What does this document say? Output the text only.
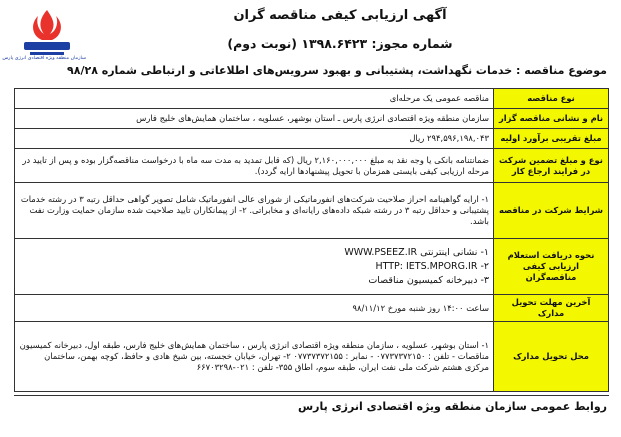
سازمان منطقه ویژه اقتصادی انرژی پارس
آگهی ارزیابی کیفی مناقصه گران
شماره مجوز: ۱۳۹۸.۶۴۲۳ (نوبت دوم)
موضوع مناقصه : خدمات نگهداشت، پشتیبانی و بهبود سرویس‌های اطلاعاتی و ارتباطی شماره ۹۸/۲۸
نوع مناقصه	مناقصه عمومی یک مرحله‌ای
نام و نشانی مناقصه گزار	سازمان منطقه ویژه اقتصادی انرژی پارس ـ استان بوشهر، عسلویه ، ساختمان همایش‌های خلیج فارس
مبلغ تقریبی برآورد اولیه	۲۹۴,۵۹۶,۱۹۸,۰۴۳ ریال
نوع و مبلغ تضمین شرکت در فرایند ارجاع کار	ضمانتنامه بانکی یا وجه نقد به مبلغ ۲,۱۶۰,۰۰۰,۰۰۰ ریال (که قابل تمدید به مدت سه ماه با درخواست مناقصه‌گزار بوده و پس از تایید در مرحله ارزیابی کیفی بایستی همزمان با تحویل پیشنهادها ارایه گردد).
شرایط شرکت در مناقصه	۱- ارایه گواهینامه احراز صلاحیت شرکت‌های انفورماتیکی از شورای عالی انفورماتیک شامل تصویر گواهی حداقل رتبه ۳ در رشته خدمات پشتیبانی و حداقل رتبه ۳ در رشته شبکه داده‌های رایانه‌ای و مخابراتی. ۲- از پیمانکاران تایید صلاحیت شده سازمان حمایت وزارت نفت باشد.
نحوه دریافت استعلام ارزیابی کیفی مناقصه‌گران	۱- نشانی اینترنتی WWW.PSEEZ.IR
۲- HTTP: IETS.MPORG.IR
۳- دبیرخانه کمیسیون مناقصات

آخرین مهلت تحویل مدارک	ساعت ۱۴:۰۰ روز شنبه مورخ ۹۸/۱۱/۱۲
محل تحویل مدارک	۱- استان بوشهر، عسلویه ، سازمان منطقه ویژه اقتصادی انرژی پارس ، ساختمان همایش‌های خلیج فارس، طبقه اول، دبیرخانه کمیسیون مناقصات - تلفن : ۰۷۷۳۷۳۷۲۱۵۰ - نمابر : ۰۷۷۳۷۳۷۲۱۵۵ ۲- تهران، خیابان خجسته، بین شیخ هادی و حافظ، کوچه بهمن، ساختمان مرکزی هشتم شرکت ملی نفت ایران، طبقه سوم، اطاق ۳۵۵- تلفن : ۰۲۱-۶۶۷۰۳۲۹۸
روابط عمومی سازمان منطقه ویژه اقتصادی انرژی پارس
